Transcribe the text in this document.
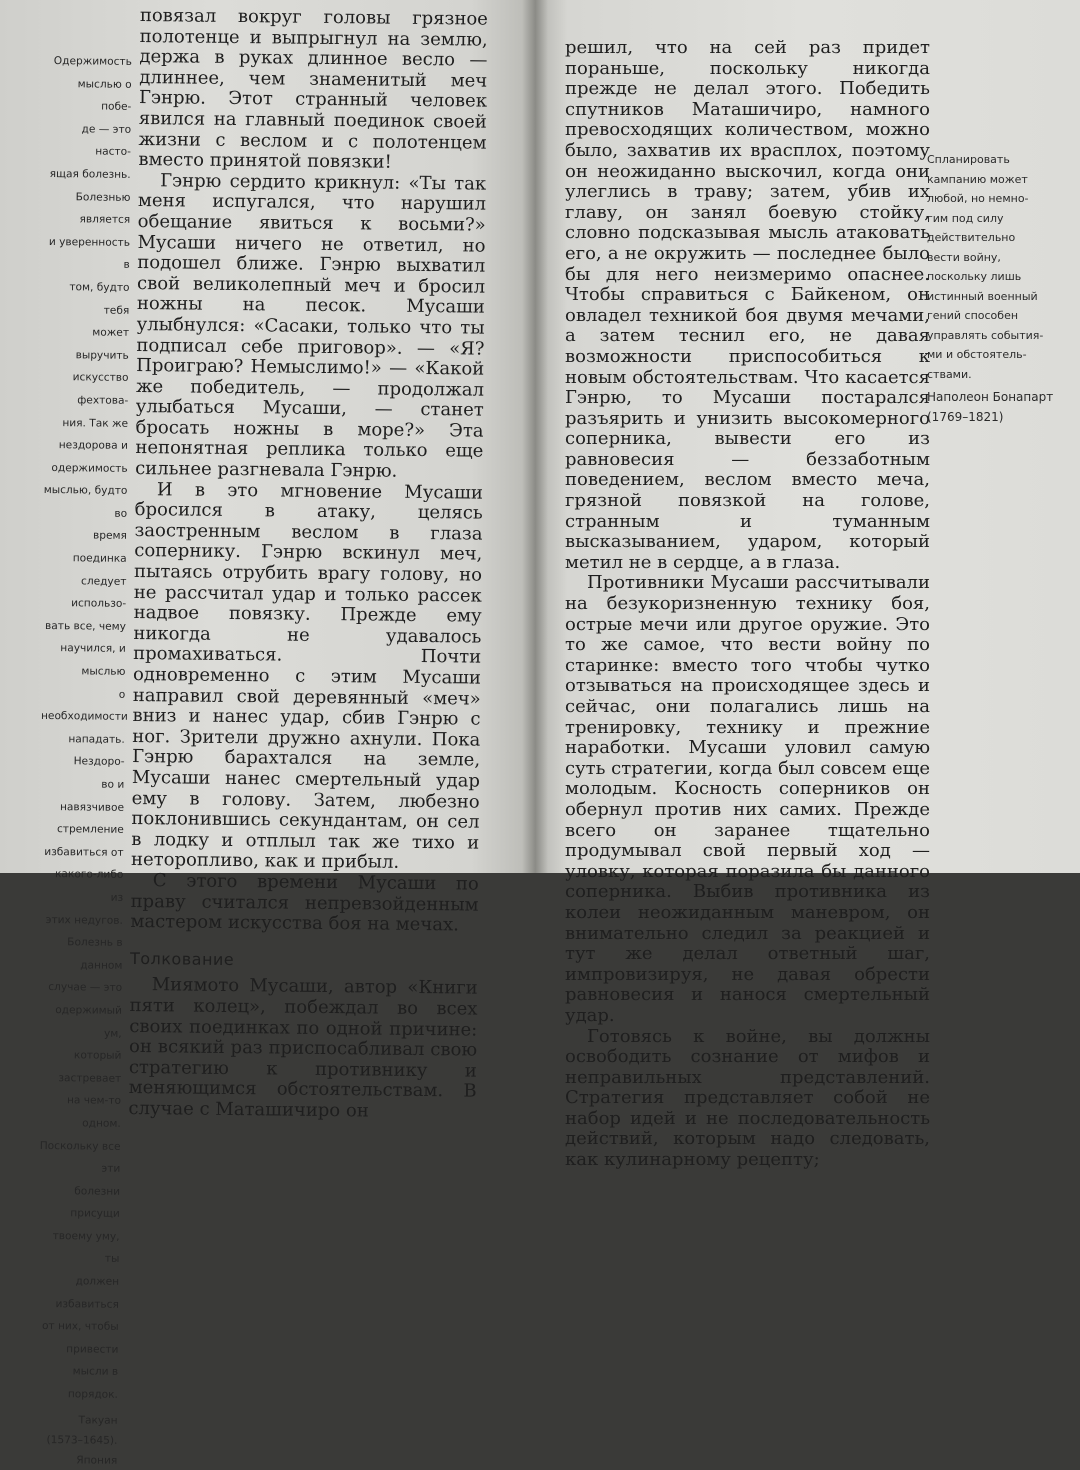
Одержимость
мыслью о побе-
де — это насто-
ящая болезнь.
Болезнью является
и уверенность в
том, будто тебя
может выручить
искусство фехтова-
ния. Так же
нездорова и
одержимость
мыслью, будто во
время поединка
следует использо-
вать все, чему
научился, и мыслью
о необходимости
нападать. Нездоро-
во и навязчивое
стремление
избавиться от
какого-либо из
этих недугов.
Болезнь в данном
случае — это
одержимый ум,
который застревает
на чем-то одном.
Поскольку все эти
болезни присущи
твоему уму, ты
должен избавиться
от них, чтобы
привести мысли в
порядок.
Такуан
(1573–1645).
Япония

повязал вокруг головы грязное полотенце и выпрыгнул на землю, держа в руках длинное весло — длиннее, чем знаменитый меч Гэнрю. Этот странный человек явился на главный поединок своей жизни с веслом и с полотенцем вместо принятой повязки!

Гэнрю сердито крикнул: «Ты так меня испугался, что нарушил обещание явиться к восьми?» Мусаши ничего не ответил, но подошел ближе. Гэнрю выхватил свой великолепный меч и бросил ножны на песок. Мусаши улыбнулся: «Сасаки, только что ты подписал себе приговор». — «Я? Проиграю? Немыслимо!» — «Какой же победитель, — продолжал улыбаться Мусаши, — станет бросать ножны в море?» Эта непонятная реплика только еще сильнее разгневала Гэнрю.

И в это мгновение Мусаши бросился в атаку, целясь заостренным веслом в глаза сопернику. Гэнрю вскинул меч, пытаясь отрубить врагу голову, но не рассчитал удар и только рассек надвое повязку. Прежде ему никогда не удавалось промахиваться. Почти одновременно с этим Мусаши направил свой деревянный «меч» вниз и нанес удар, сбив Гэнрю с ног. Зрители дружно ахнули. Пока Гэнрю барахтался на земле, Мусаши нанес смертельный удар ему в голову. Затем, любезно поклонившись секундантам, он сел в лодку и отплыл так же тихо и неторопливо, как и прибыл.

С этого времени Мусаши по праву считался непревзойденным мастером искусства боя на мечах.

Толкование

Миямото Мусаши, автор «Книги пяти колец», побеждал во всех своих поединках по одной причине: он всякий раз приспосабливал свою стратегию к противнику и меняющимся обстоятельствам. В случае с Маташичиро он

решил, что на сей раз придет пораньше, поскольку никогда прежде не делал этого. Победить спутников Маташичиро, намного превосходящих количеством, можно было, захватив их врасплох, поэтому он неожиданно выскочил, когда они улеглись в траву; затем, убив их главу, он занял боевую стойку, словно подсказывая мысль атаковать его, а не окружить — последнее было бы для него неизмеримо опаснее. Чтобы справиться с Байкеном, он овладел техникой боя двумя мечами, а затем теснил его, не давая возможности приспособиться к новым обстоятельствам. Что касается Гэнрю, то Мусаши постарался разъярить и унизить высокомерного соперника, вывести его из равновесия — беззаботным поведением, веслом вместо меча, грязной повязкой на голове, странным и туманным высказыванием, ударом, который метил не в сердце, а в глаза.

Противники Мусаши рассчитывали на безукоризненную технику боя, острые мечи или другое оружие. Это то же самое, что вести войну по старинке: вместо того чтобы чутко отзываться на происходящее здесь и сейчас, они полагались лишь на тренировку, технику и прежние наработки. Мусаши уловил самую суть стратегии, когда был совсем еще молодым. Косность соперников он обернул против них самих. Прежде всего он заранее тщательно продумывал свой первый ход — уловку, которая поразила бы данного соперника. Выбив противника из колеи неожиданным маневром, он внимательно следил за реакцией и тут же делал ответный шаг, импровизируя, не давая обрести равновесия и нанося смертельный удар.

Готовясь к войне, вы должны освободить сознание от мифов и неправильных представлений. Стратегия представляет собой не набор идей и не последовательность действий, которым надо следовать, как кулинарному рецепту;

Спланировать
кампанию может
любой, но немно-
гим под силу
действительно
вести войну,
поскольку лишь
истинный военный
гений способен
управлять события-
ми и обстоятель-
ствами.
Наполеон Бонапарт
(1769–1821)
